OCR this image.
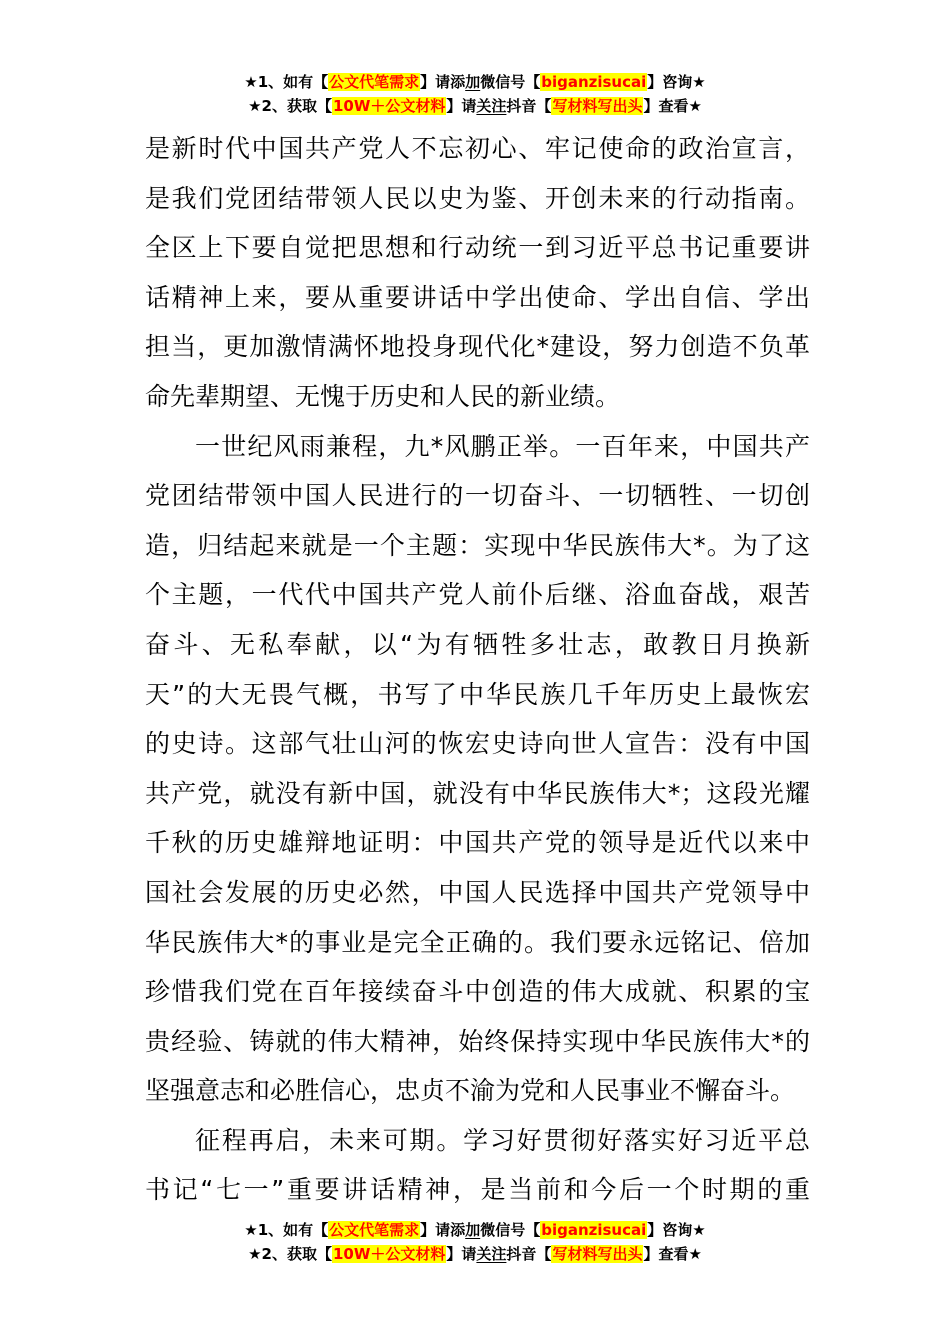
★1、如有【公文代笔需求】请添加微信号【biganzisucai】咨询★
★2、获取【10W＋公文材料】请关注抖音【写材料写出头】查看★
是新时代中国共产党人不忘初心、牢记使命的政治宣言，
是我们党团结带领人民以史为鉴、开创未来的行动指南。
全区上下要自觉把思想和行动统一到习近平总书记重要讲
话精神上来，要从重要讲话中学出使命、学出自信、学出
担当，更加激情满怀地投身现代化*建设，努力创造不负革
命先辈期望、无愧于历史和人民的新业绩。
一世纪风雨兼程，九*风鹏正举。一百年来，中国共产
党团结带领中国人民进行的一切奋斗、一切牺牲、一切创
造，归结起来就是一个主题：实现中华民族伟大*。为了这
个主题，一代代中国共产党人前仆后继、浴血奋战，艰苦
奋斗、无私奉献，以“为有牺牲多壮志，敢教日月换新
天”的大无畏气概，书写了中华民族几千年历史上最恢宏
的史诗。这部气壮山河的恢宏史诗向世人宣告：没有中国
共产党，就没有新中国，就没有中华民族伟大*；这段光耀
千秋的历史雄辩地证明：中国共产党的领导是近代以来中
国社会发展的历史必然，中国人民选择中国共产党领导中
华民族伟大*的事业是完全正确的。我们要永远铭记、倍加
珍惜我们党在百年接续奋斗中创造的伟大成就、积累的宝
贵经验、铸就的伟大精神，始终保持实现中华民族伟大*的
坚强意志和必胜信心，忠贞不渝为党和人民事业不懈奋斗。
征程再启，未来可期。学习好贯彻好落实好习近平总
书记“七一”重要讲话精神，是当前和今后一个时期的重
★1、如有【公文代笔需求】请添加微信号【biganzisucai】咨询★
★2、获取【10W＋公文材料】请关注抖音【写材料写出头】查看★
